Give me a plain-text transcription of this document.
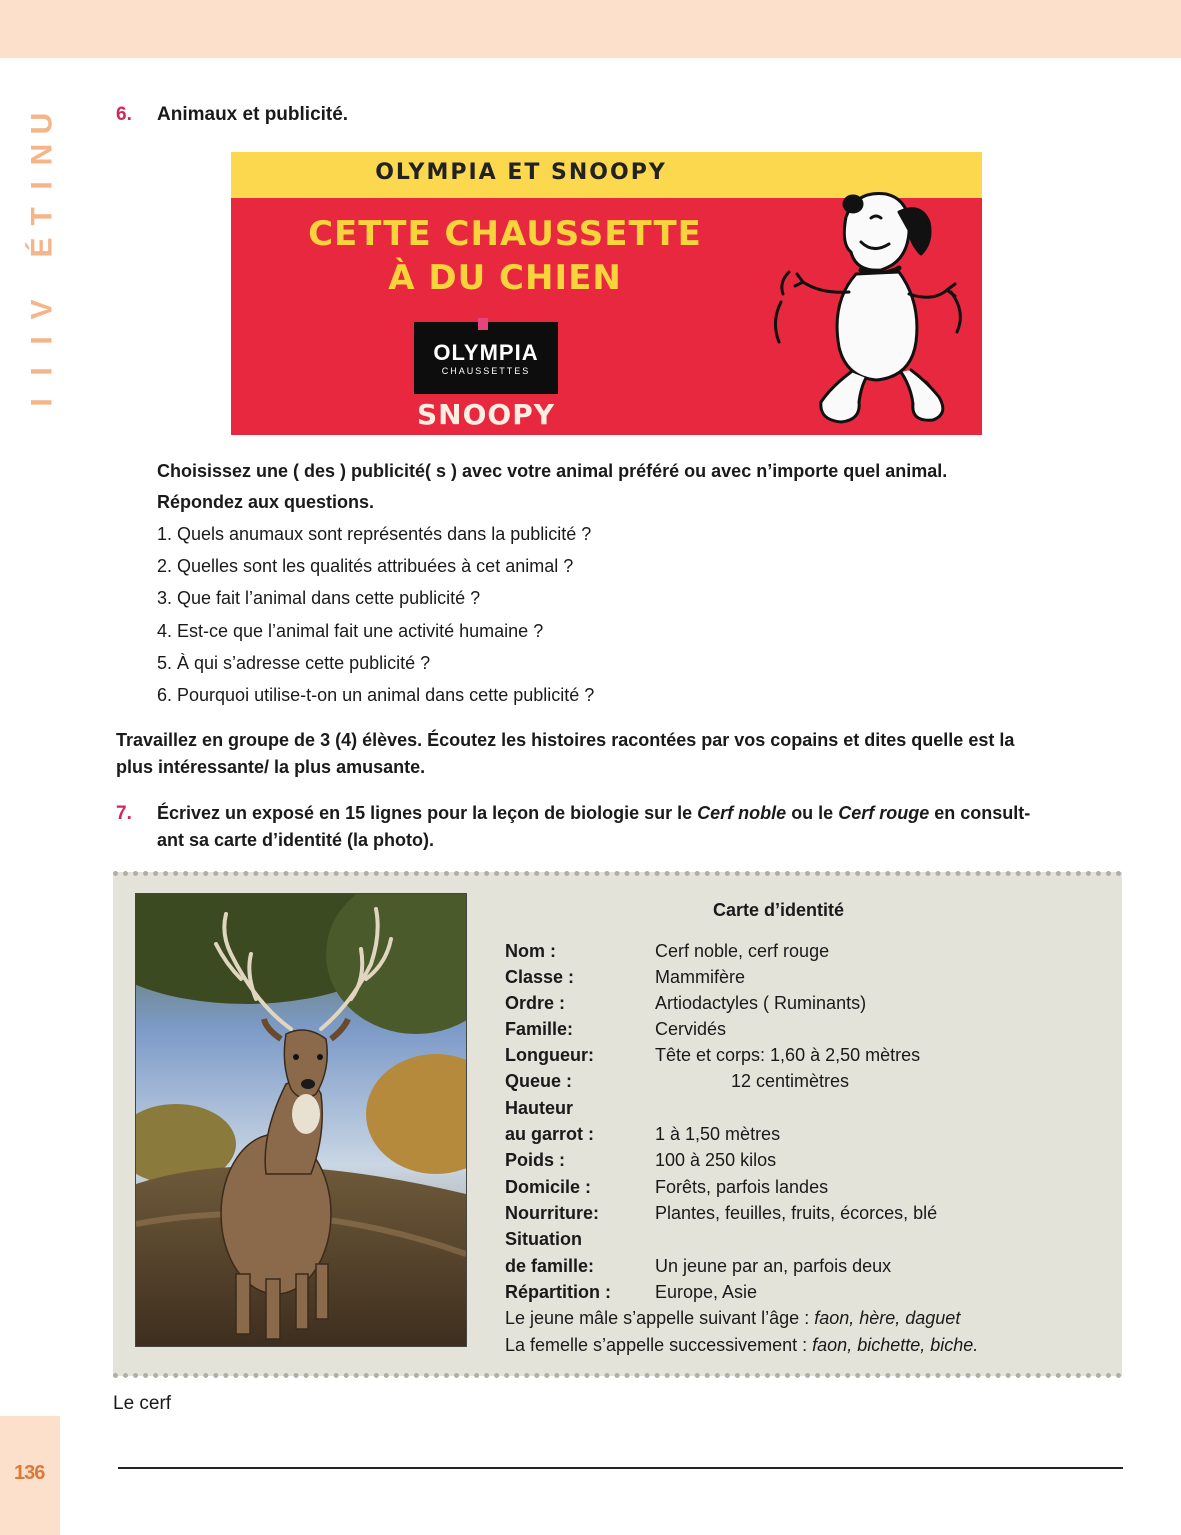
U
N
I
T
É
V
I
I
I
6. Animaux et publicité.
OLYMPIA ET SNOOPY
CETTE CHAUSSETTE
À DU CHIEN
OLYMPIA
CHAUSSETTES
SNOOPY
Choisissez une ( des ) publicité( s ) avec votre animal préféré ou avec n’importe quel animal.
Répondez aux questions.
1. Quels anumaux sont représentés dans la publicité ?
2. Quelles sont les qualités attribuées à cet animal ?
3. Que fait l’animal dans cette publicité ?
4. Est-ce que l’animal fait une activité humaine ?
5. À qui s’adresse cette publicité ?
6. Pourquoi utilise-t-on un animal dans cette publicité ?
Travaillez en groupe de 3 (4) élèves. Écoutez les histoires racontées par vos copains et dites quelle est la
plus intéressante/ la plus amusante.
7. Écrivez un exposé en 15 lignes pour la leçon de biologie sur le Cerf noble ou le Cerf rouge en consult-
ant sa carte d’identité (la photo).
Carte d’identité
Nom :	Cerf noble, cerf rouge
Classe :	Mammifère
Ordre :	Artiodactyles ( Ruminants)
Famille:	Cervidés
Longueur:	Tête et corps: 1,60 à 2,50 mètres
Queue :	12 centimètres
Hauteur
au garrot :	1 à 1,50 mètres
Poids :	100 à 250 kilos
Domicile :	Forêts, parfois landes
Nourriture:	Plantes, feuilles, fruits, écorces, blé
Situation
de famille:	Un jeune par an, parfois deux
Répartition : Europe, Asie
Le jeune mâle s’appelle suivant l’âge : faon, hère, daguet
La femelle s’appelle successivement : faon, bichette, biche.
Le cerf
136
